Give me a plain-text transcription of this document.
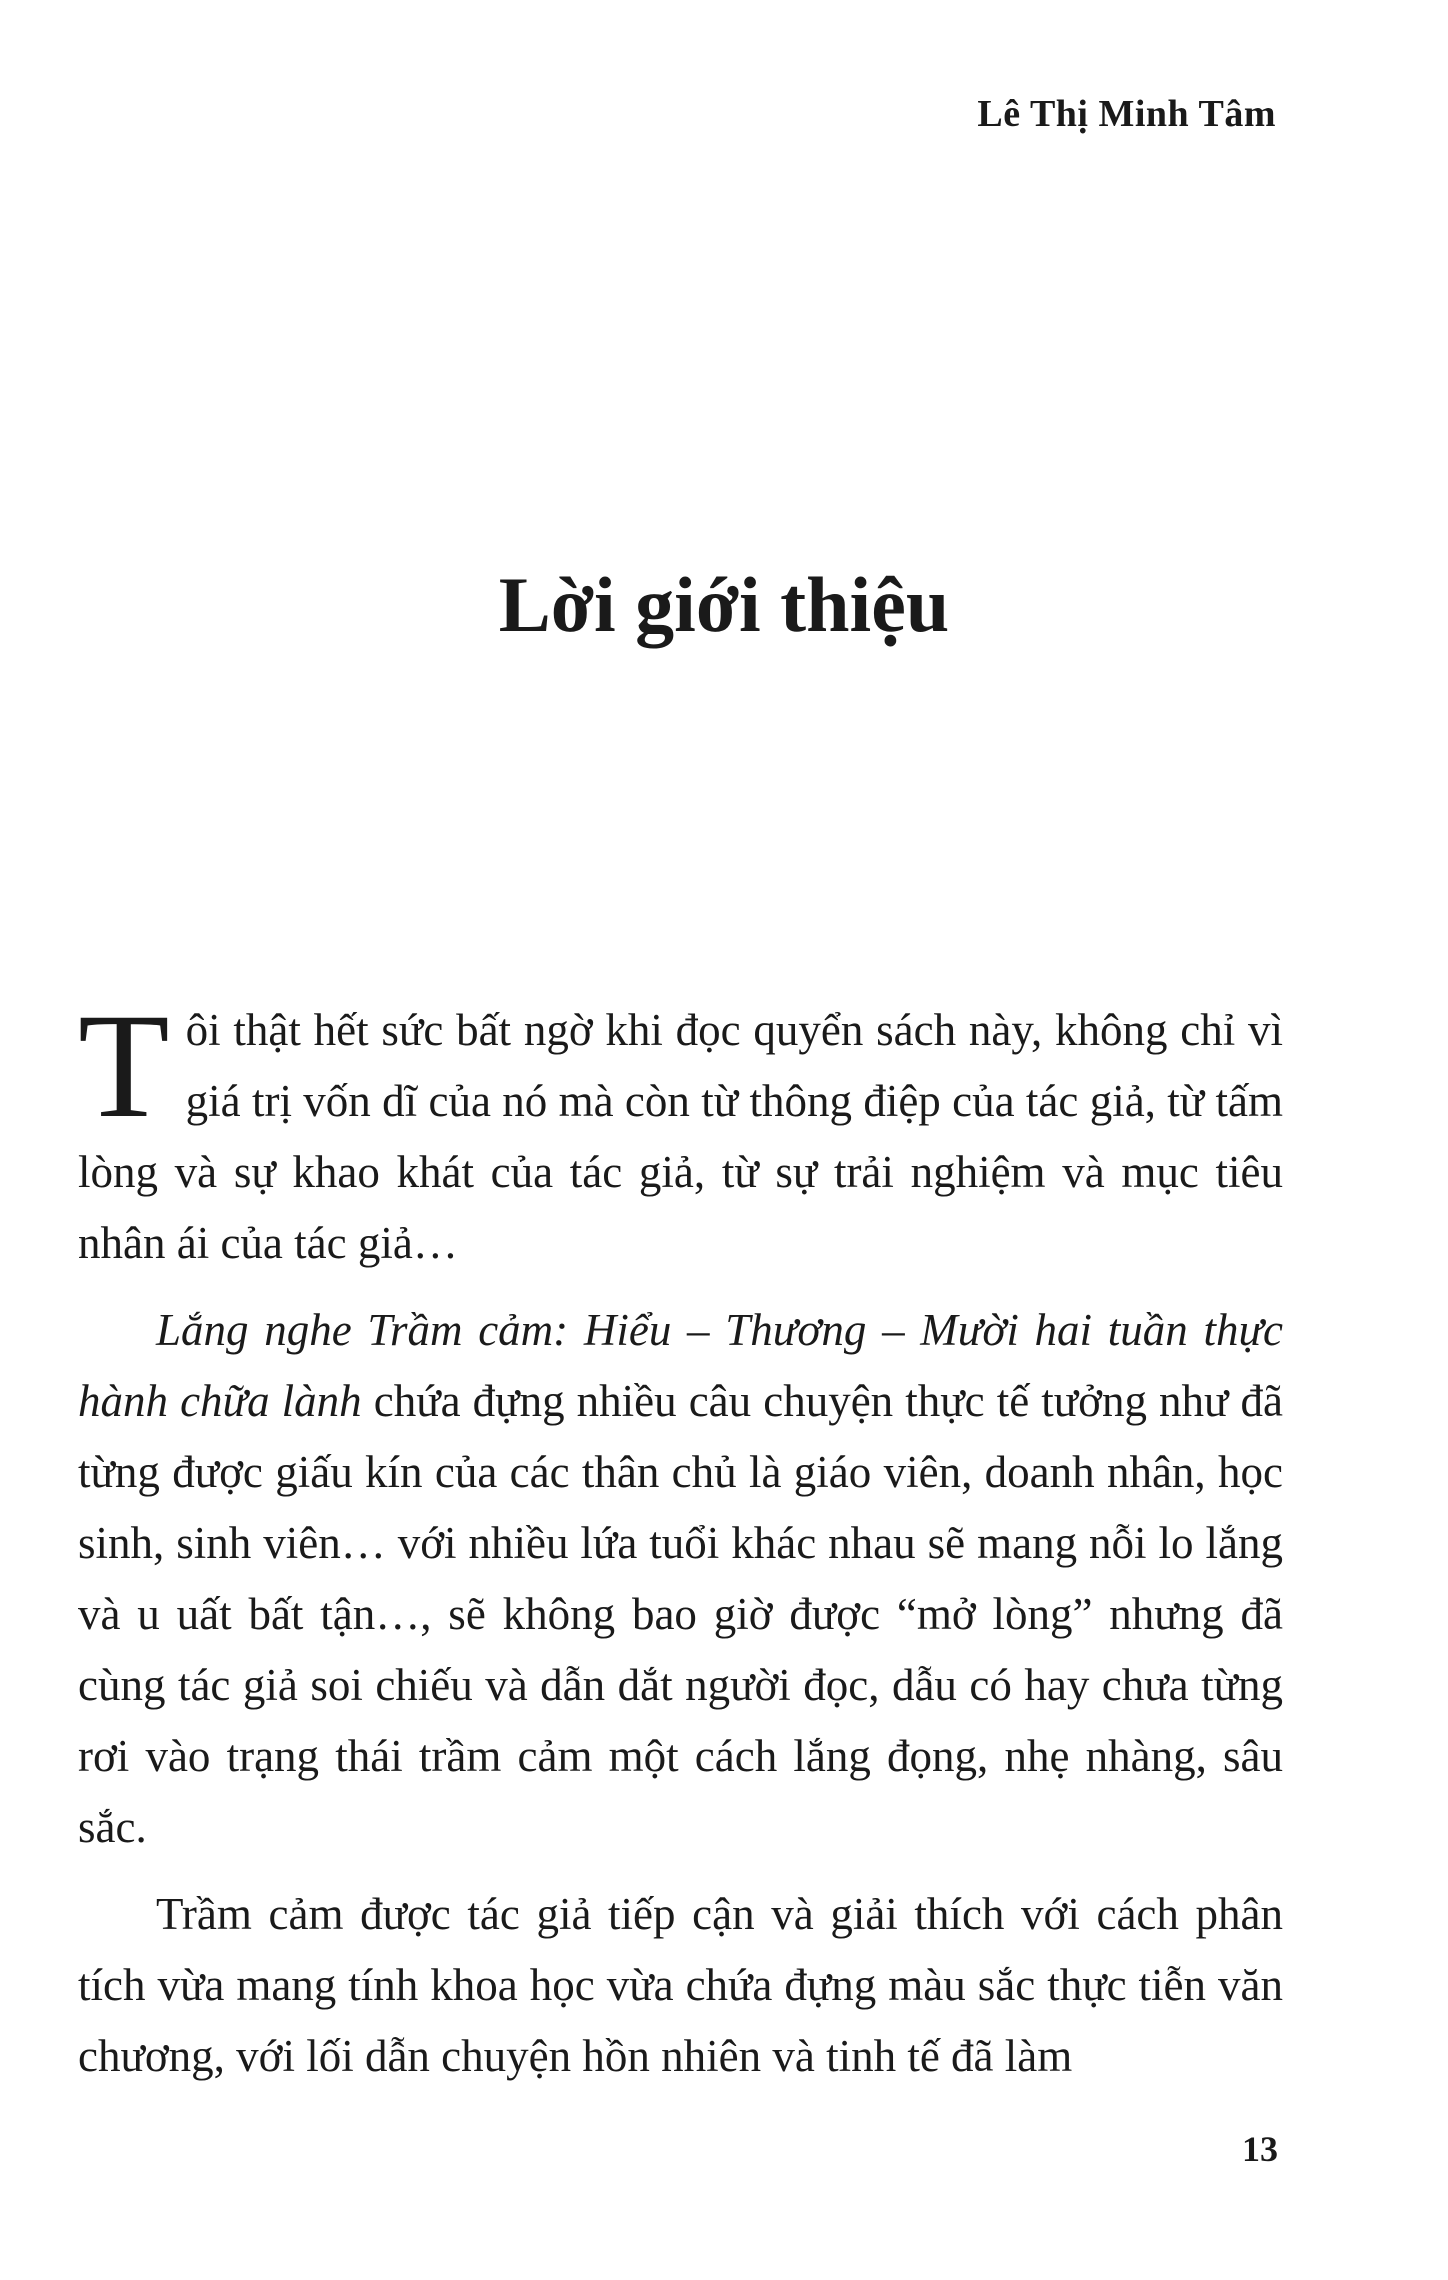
Lê Thị Minh Tâm
Lời giới thiệu

Tôi thật hết sức bất ngờ khi đọc quyển sách này, không chỉ vì giá trị vốn dĩ của nó mà còn từ thông điệp của tác giả, từ tấm lòng và sự khao khát của tác giả, từ sự trải nghiệm và mục tiêu nhân ái của tác giả…

Lắng nghe Trầm cảm: Hiểu – Thương – Mười hai tuần thực hành chữa lành chứa đựng nhiều câu chuyện thực tế tưởng như đã từng được giấu kín của các thân chủ là giáo viên, doanh nhân, học sinh, sinh viên… với nhiều lứa tuổi khác nhau sẽ mang nỗi lo lắng và u uất bất tận…, sẽ không bao giờ được “mở lòng” nhưng đã cùng tác giả soi chiếu và dẫn dắt người đọc, dẫu có hay chưa từng rơi vào trạng thái trầm cảm một cách lắng đọng, nhẹ nhàng, sâu sắc.

Trầm cảm được tác giả tiếp cận và giải thích với cách phân tích vừa mang tính khoa học vừa chứa đựng màu sắc thực tiễn văn chương, với lối dẫn chuyện hồn nhiên và tinh tế đã làm

13
